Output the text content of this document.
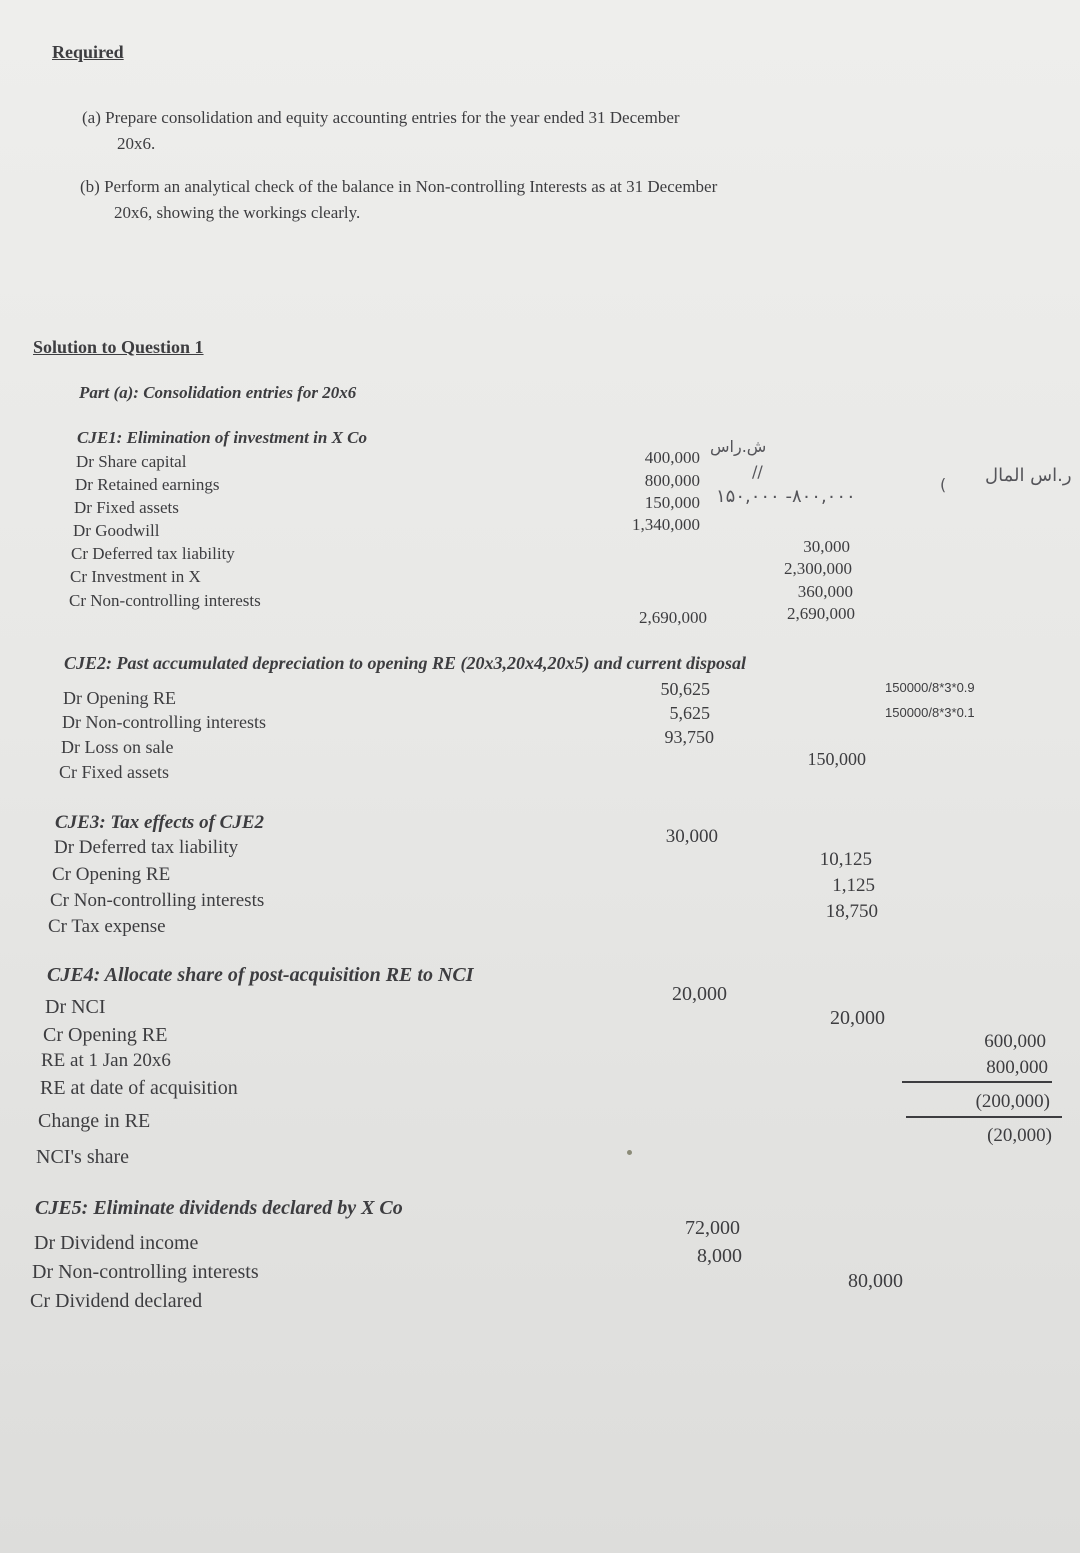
Required
(a) Prepare consolidation and equity accounting entries for the year ended 31 December
20x6.
(b) Perform an analytical check of the balance in Non-controlling Interests as at 31 December
20x6, showing the workings clearly.
Solution to Question 1
Part (a): Consolidation entries for 20x6
CJE1: Elimination of investment in X Co
Dr Share capital
Dr Retained earnings
Dr Fixed assets
Dr Goodwill
Cr Deferred tax liability
Cr Investment in X
Cr Non-controlling interests
400,000
800,000
150,000
1,340,000
30,000
2,300,000
360,000
2,690,000	2,690,000
ش.راس
//
۱۵۰,۰۰۰ -۸۰۰,۰۰۰
( ر.اس المال
CJE2: Past accumulated depreciation to opening RE (20x3,20x4,20x5) and current disposal
Dr Opening RE
Dr Non-controlling interests
Dr Loss on sale
Cr Fixed assets
50,625
5,625
93,750
150,000
150000/8*3*0.9
150000/8*3*0.1
CJE3: Tax effects of CJE2
Dr Deferred tax liability
Cr Opening RE
Cr Non-controlling interests
Cr Tax expense
30,000
10,125
1,125
18,750
CJE4: Allocate share of post-acquisition RE to NCI
Dr NCI
Cr Opening RE
RE at 1 Jan 20x6
RE at date of acquisition
Change in RE
NCI's share
20,000
20,000
600,000
800,000
(200,000)
(20,000)
CJE5: Eliminate dividends declared by X Co
Dr Dividend income
Dr Non-controlling interests
Cr Dividend declared
72,000
8,000
80,000
